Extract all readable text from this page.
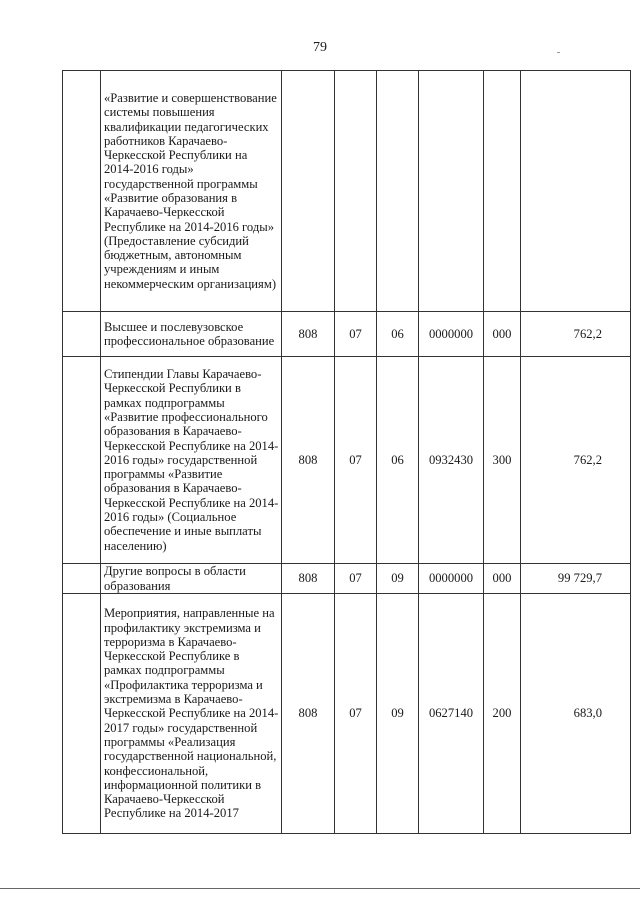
79
	«Развитие и совершенствование системы повышения квалификации педагогических работников Карачаево-Черкесской Республики на 2014-2016 годы» государственной программы «Развитие образования в Карачаево-Черкесской Республике на 2014-2016 годы» (Предоставление субсидий бюджетным, автономным учреждениям и иным некоммерческим организациям)						
	Высшее и послевузовское профессиональное образование	808	07	06	0000000	000	762,2
	Стипендии Главы Карачаево-Черкесской Республики в рамках подпрограммы «Развитие профессионального образования в Карачаево-Черкесской Республике на 2014-2016 годы» государственной программы «Развитие образования в Карачаево-Черкесской Республике на 2014-2016 годы» (Социальное обеспечение и иные выплаты населению)	808	07	06	0932430	300	762,2
	Другие вопросы в области образования	808	07	09	0000000	000	99 729,7
	Мероприятия, направленные на профилактику экстремизма и терроризма в Карачаево-Черкесской Республике в рамках подпрограммы «Профилактика терроризма и экстремизма в Карачаево-Черкесской Республике на 2014-2017 годы» государственной программы «Реализация государственной национальной, конфессиональной, информационной политики в Карачаево-Черкесской Республике на 2014-2017	808	07	09	0627140	200	683,0
